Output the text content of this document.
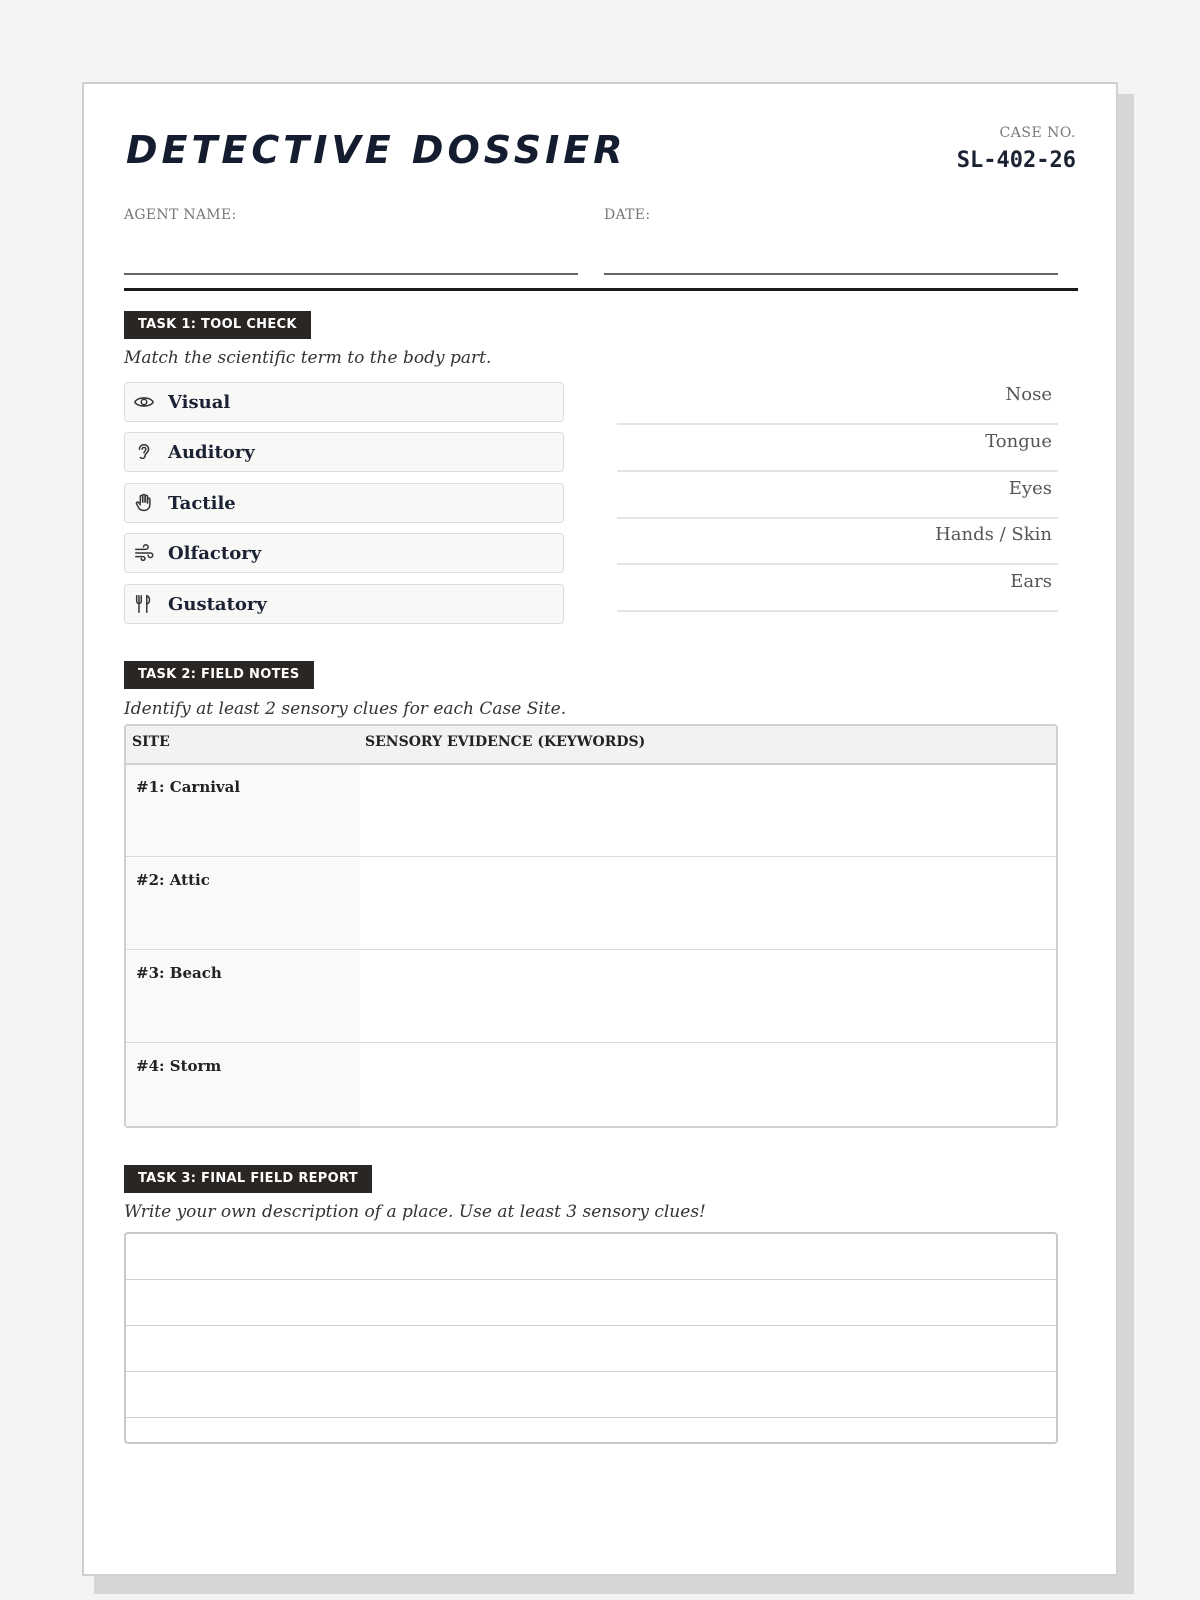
DETECTIVE DOSSIER	CASE NO.
SL-402-26
AGENT NAME:	DATE:
TASK 1: TOOL CHECK
Match the scientific term to the body part.
Visual
Auditory
Tactile
Olfactory
Gustatory
Nose
Tongue
Eyes
Hands / Skin
Ears
TASK 2: FIELD NOTES
Identify at least 2 sensory clues for each Case Site.
SITE	SENSORY EVIDENCE (KEYWORDS)
#1: Carnival
#2: Attic
#3: Beach
#4: Storm
TASK 3: FINAL FIELD REPORT
Write your own description of a place. Use at least 3 sensory clues!
